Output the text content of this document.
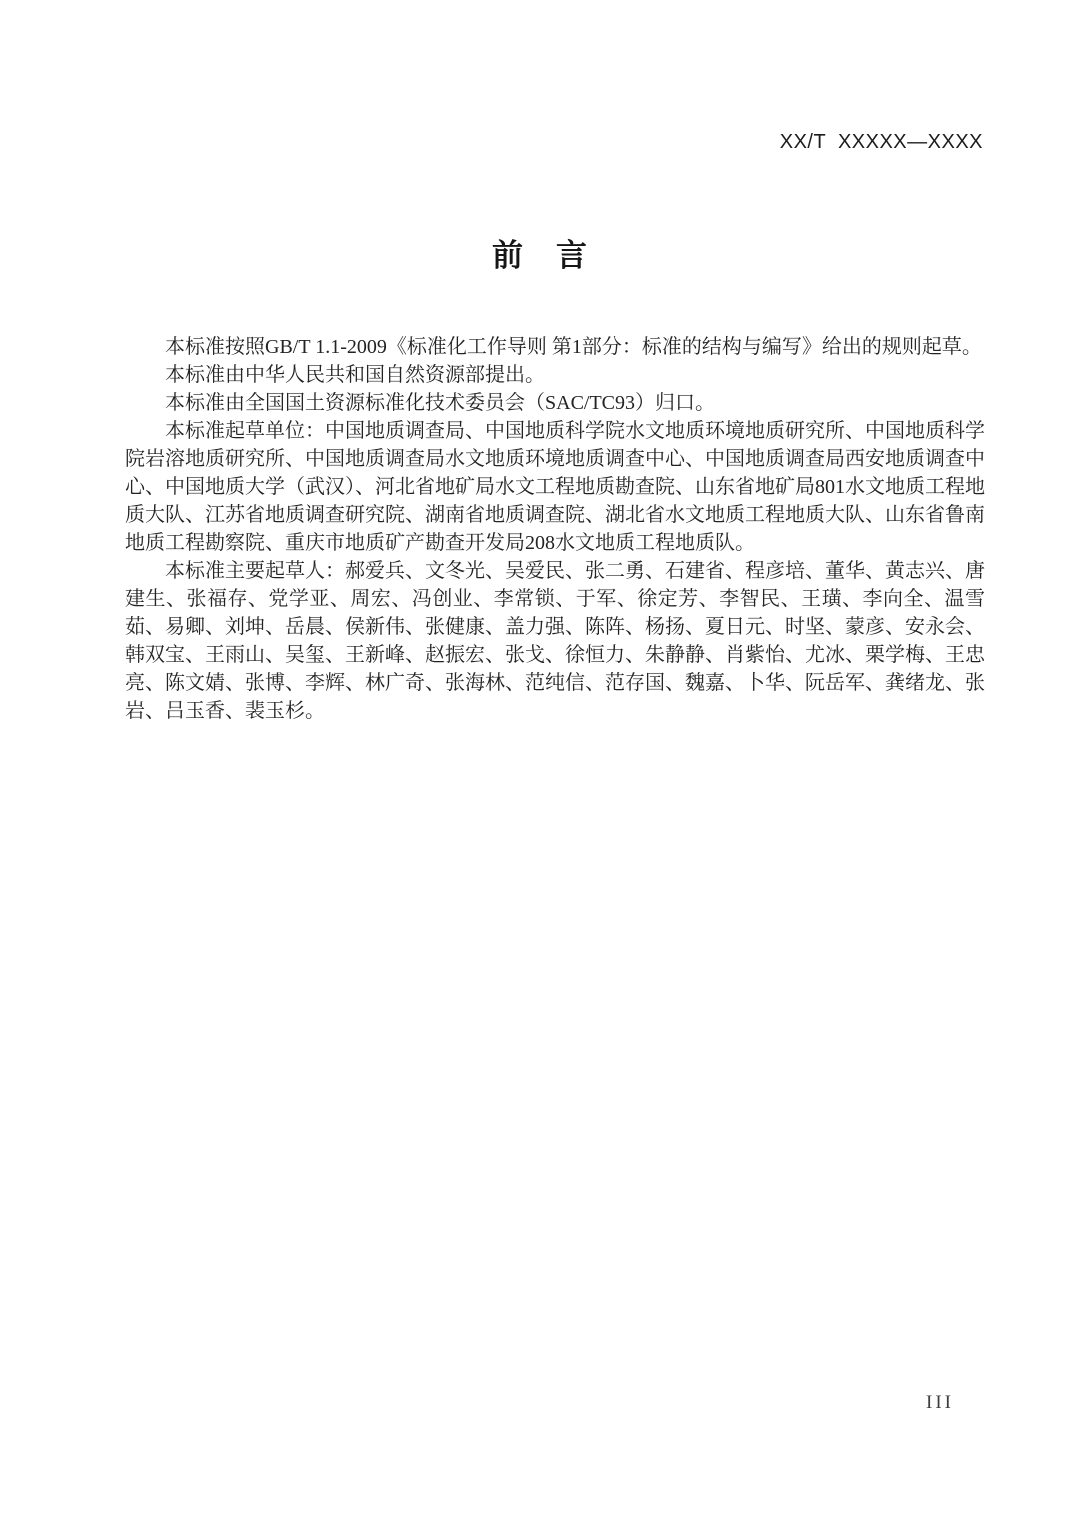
XX/T  XXXXX—XXXX
前　言

本标准按照GB/T 1.1-2009《标准化工作导则 第1部分：标准的结构与编写》给出的规则起草。

本标准由中华人民共和国自然资源部提出。

本标准由全国国土资源标准化技术委员会（SAC/TC93）归口。

本标准起草单位：中国地质调查局、中国地质科学院水文地质环境地质研究所、中国地质科学院岩溶地质研究所、中国地质调查局水文地质环境地质调查中心、中国地质调查局西安地质调查中心、中国地质大学（武汉）、河北省地矿局水文工程地质勘查院、山东省地矿局801水文地质工程地质大队、江苏省地质调查研究院、湖南省地质调查院、湖北省水文地质工程地质大队、山东省鲁南地质工程勘察院、重庆市地质矿产勘查开发局208水文地质工程地质队。

本标准主要起草人：郝爱兵、文冬光、吴爱民、张二勇、石建省、程彦培、董华、黄志兴、唐建生、张福存、党学亚、周宏、冯创业、李常锁、于军、徐定芳、李智民、王璜、李向全、温雪茹、易卿、刘坤、岳晨、侯新伟、张健康、盖力强、陈阵、杨扬、夏日元、时坚、蒙彦、安永会、韩双宝、王雨山、吴玺、王新峰、赵振宏、张戈、徐恒力、朱静静、肖紫怡、尤冰、栗学梅、王忠亮、陈文婧、张博、李辉、林广奇、张海林、范纯信、范存国、魏嘉、卜华、阮岳军、龚绪龙、张岩、吕玉香、裴玉杉。

III
